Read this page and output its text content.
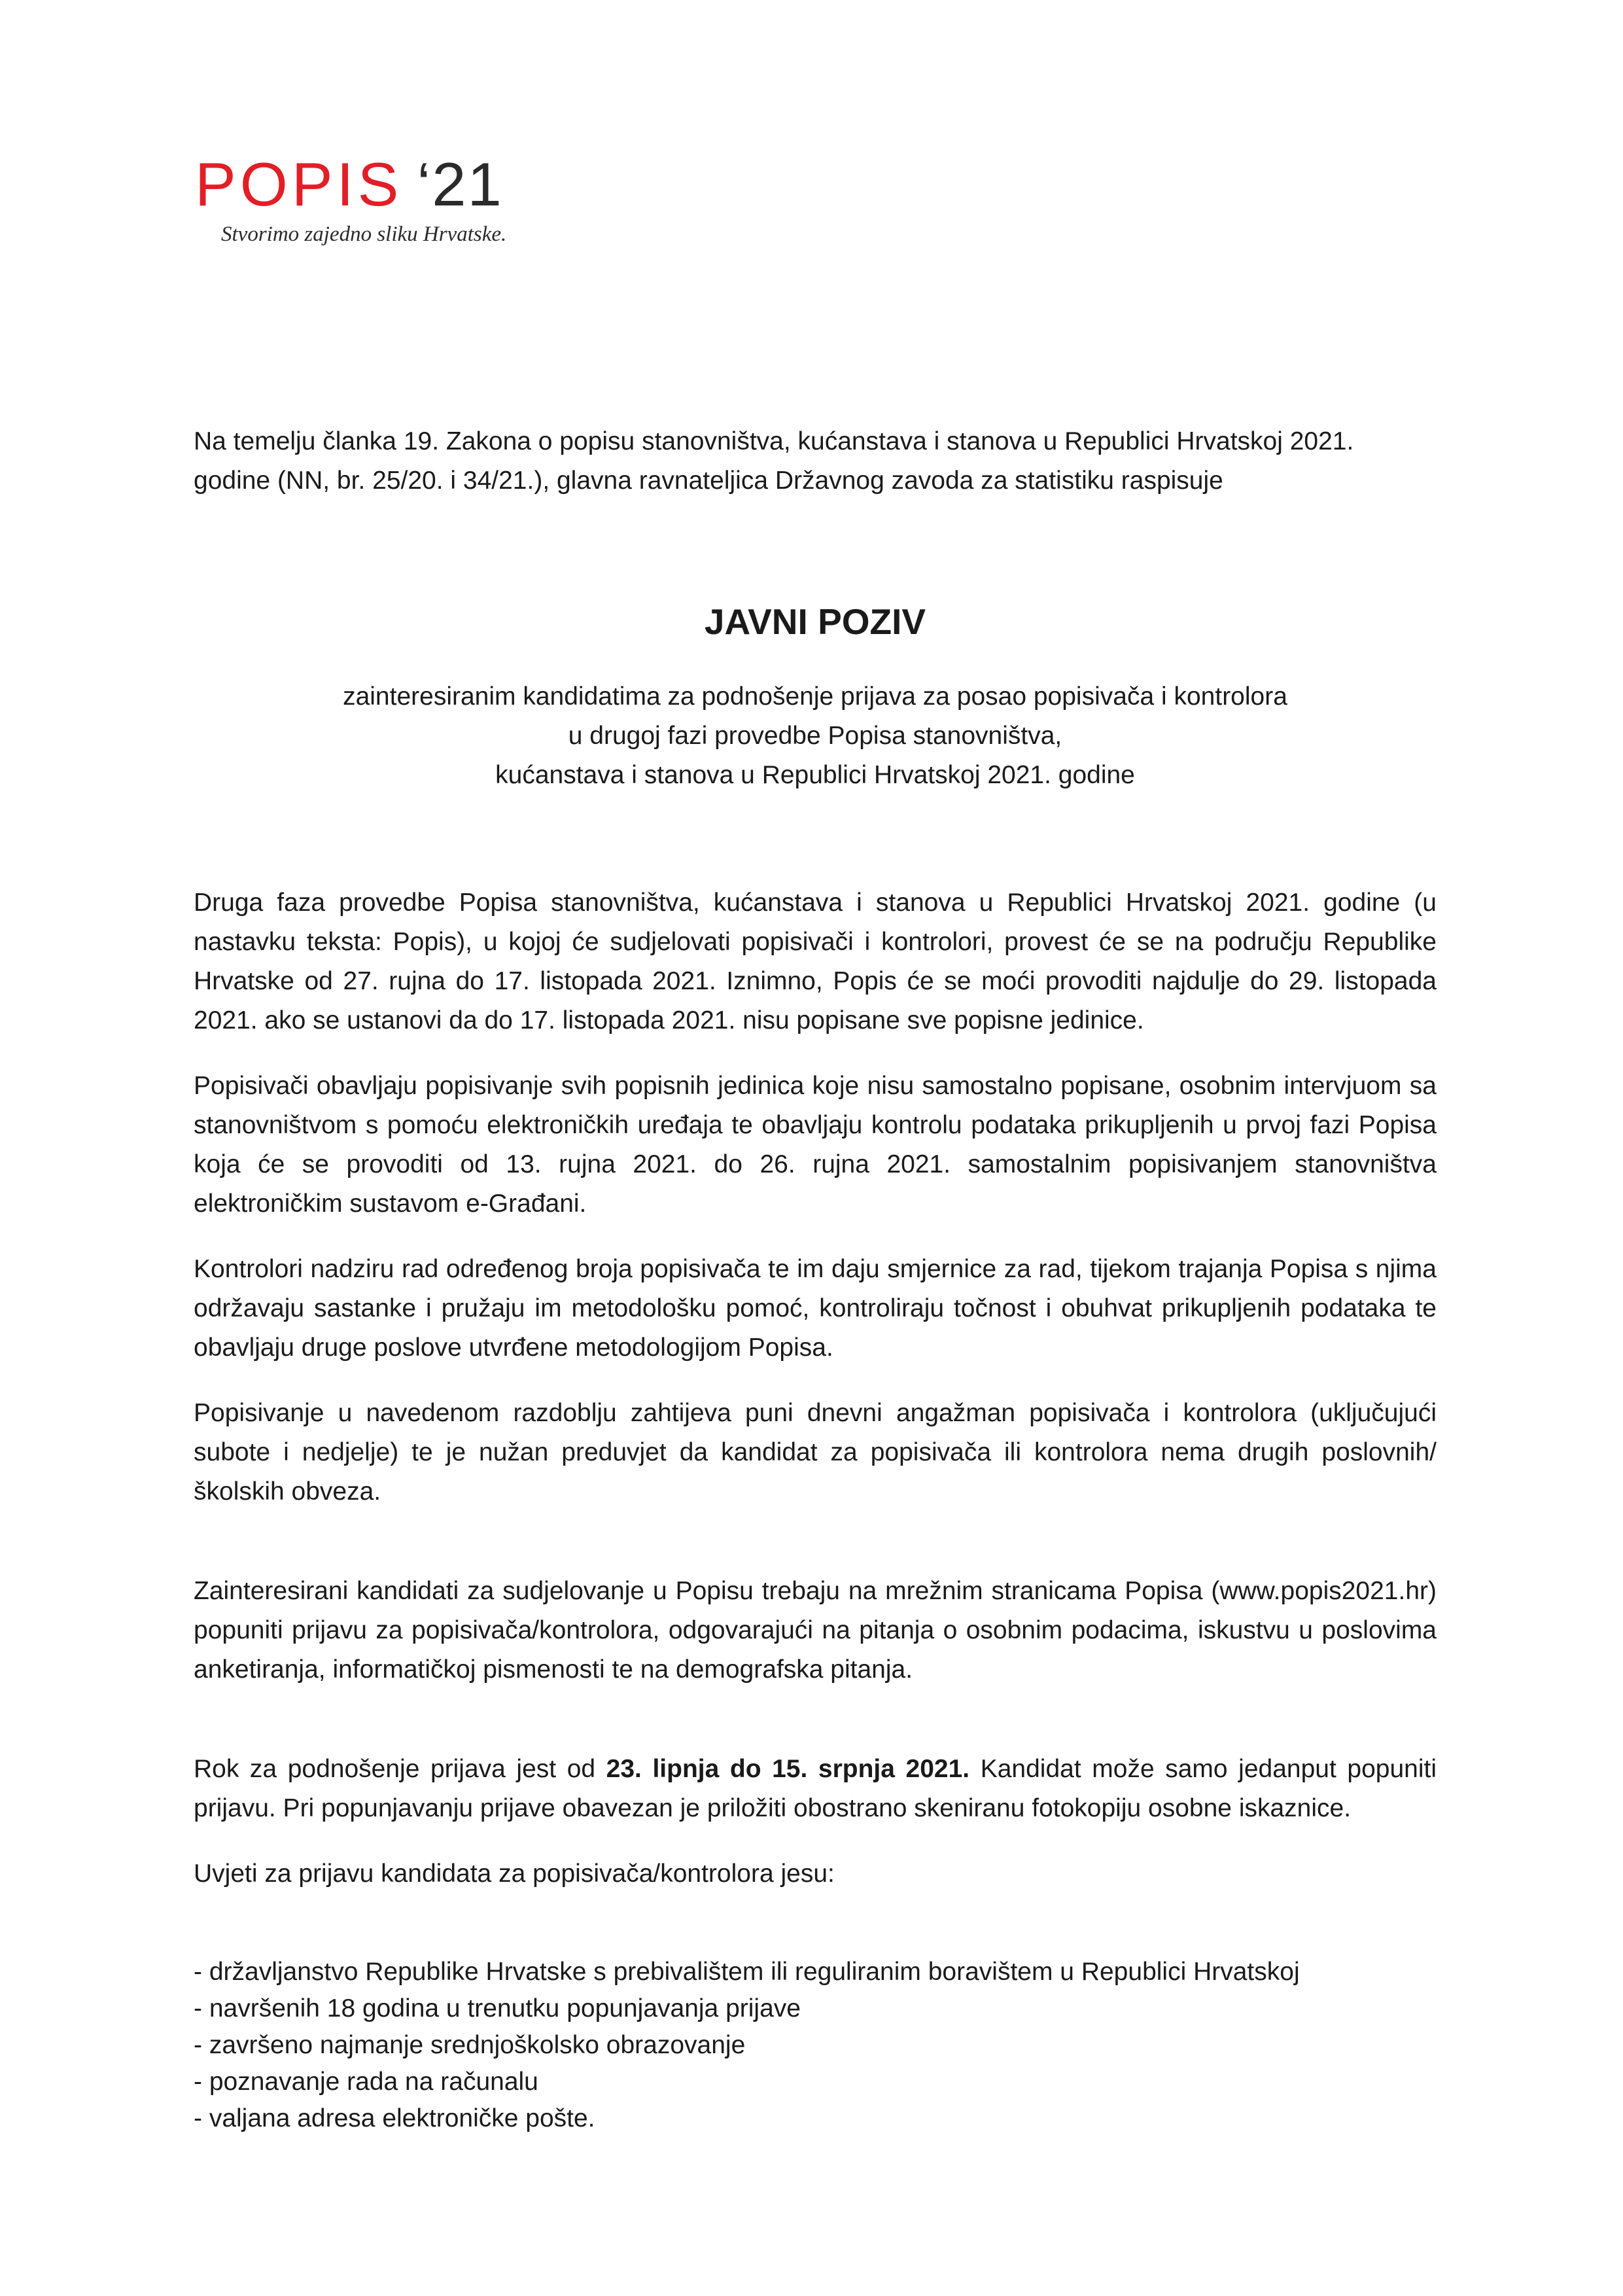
POPIS ‘21
Stvorimo zajedno sliku Hrvatske.

Na temelju članka 19. Zakona o popisu stanovništva, kućanstava i stanova u Republici Hrvatskoj 2021. godine (NN, br. 25/20. i 34/21.), glavna ravnateljica Državnog zavoda za statistiku raspisuje

JAVNI POZIV

zainteresiranim kandidatima za podnošenje prijava za posao popisivača i kontrolora
u drugoj fazi provedbe Popisa stanovništva,
kućanstava i stanova u Republici Hrvatskoj 2021. godine

Druga faza provedbe Popisa stanovništva, kućanstava i stanova u Republici Hrvatskoj 2021. godine (u nastavku teksta: Popis), u kojoj će sudjelovati popisivači i kontrolori, provest će se na području Republike Hrvatske od 27. rujna do 17. listopada 2021. Iznimno, Popis će se moći provoditi najdulje do 29. listopada 2021. ako se ustanovi da do 17. listopada 2021. nisu popisane sve popisne jedinice.

Popisivači obavljaju popisivanje svih popisnih jedinica koje nisu samostalno popisane, osobnim intervjuom sa stanovništvom s pomoću elektroničkih uređaja te obavljaju kontrolu podataka prikupljenih u prvoj fazi Popisa koja će se provoditi od 13. rujna 2021. do 26. rujna 2021. samostalnim popisivanjem stanovništva elektroničkim sustavom e-Građani.

Kontrolori nadziru rad određenog broja popisivača te im daju smjernice za rad, tijekom trajanja Popisa s njima održavaju sastanke i pružaju im metodološku pomoć, kontroliraju točnost i obuhvat prikupljenih podataka te obavljaju druge poslove utvrđene metodologijom Popisa.

Popisivanje u navedenom razdoblju zahtijeva puni dnevni angažman popisivača i kontrolora (uključujući subote i nedjelje) te je nužan preduvjet da kandidat za popisivača ili kontrolora nema drugih poslovnih/školskih obveza.

Zainteresirani kandidati za sudjelovanje u Popisu trebaju na mrežnim stranicama Popisa (www.popis2021.hr) popuniti prijavu za popisivača/kontrolora, odgovarajući na pitanja o osobnim podacima, iskustvu u poslovima anketiranja, informatičkoj pismenosti te na demografska pitanja.

Rok za podnošenje prijava jest od 23. lipnja do 15. srpnja 2021. Kandidat može samo jedanput popuniti prijavu. Pri popunjavanju prijave obavezan je priložiti obostrano skeniranu fotokopiju osobne iskaznice.

Uvjeti za prijavu kandidata za popisivača/kontrolora jesu:

- državljanstvo Republike Hrvatske s prebivalištem ili reguliranim boravištem u Republici Hrvatskoj
- navršenih 18 godina u trenutku popunjavanja prijave
- završeno najmanje srednjoškolsko obrazovanje
- poznavanje rada na računalu
- valjana adresa elektroničke pošte.
